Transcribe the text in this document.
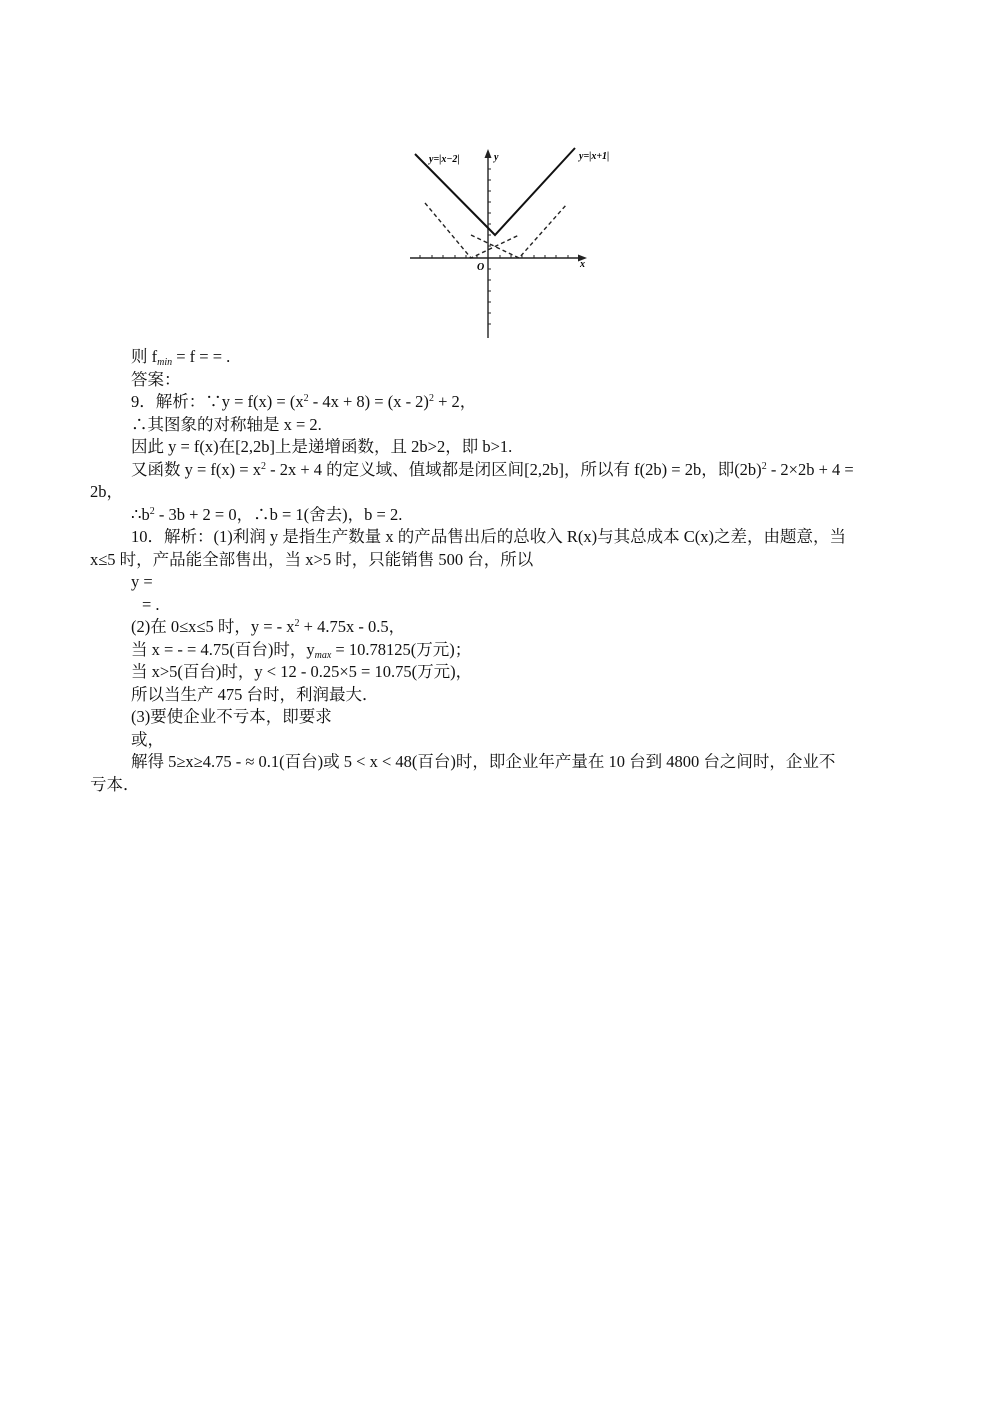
y=|x−2|	y=|x+1|
y
x
O
则 $f_{min} = f$ = = .
答案：
9．解析：∵y = $f(x) = (x^2 - 4x + 8) = (x - 2)^2 + 2$，
∴其图象的对称轴是 x = 2.
因此 y = f(x)在[2,2b]上是递增函数，且 2b>2，即 b>1.
又函数 $y = f(x) = x^2 - 2x + 4$ 的定义域、值域都是闭区间[2,2b]，所以有 f(2b) = 2b，即$(2b)^2 - 2\times 2b + 4$ =
2b，
$\therefore b^2 - 3b + 2 = 0$，∴b = 1(舍去)，b = 2.
10．解析：(1)利润 y 是指生产数量 x 的产品售出后的总收入 R(x)与其总成本 C(x)之差，由题意，当
x≤5 时，产品能全部售出，当 x>5 时，只能销售 500 台，所以
y =
= .
(2)在 0≤x≤5 时，y = - $x^2 + 4.75x - 0.5$，
当 x = - = 4.75(百台)时，$y_{max} = 10.78125$(万元)；
当 x>5(百台)时，y < 12 - 0.25×5 = 10.75(万元)，
所以当生产 475 台时，利润最大．
(3)要使企业不亏本，即要求
或，
解得 5≥x≥4.75 - ≈ 0.1(百台)或 5 < x < 48(百台)时，即企业年产量在 10 台到 4800 台之间时，企业不
亏本．
